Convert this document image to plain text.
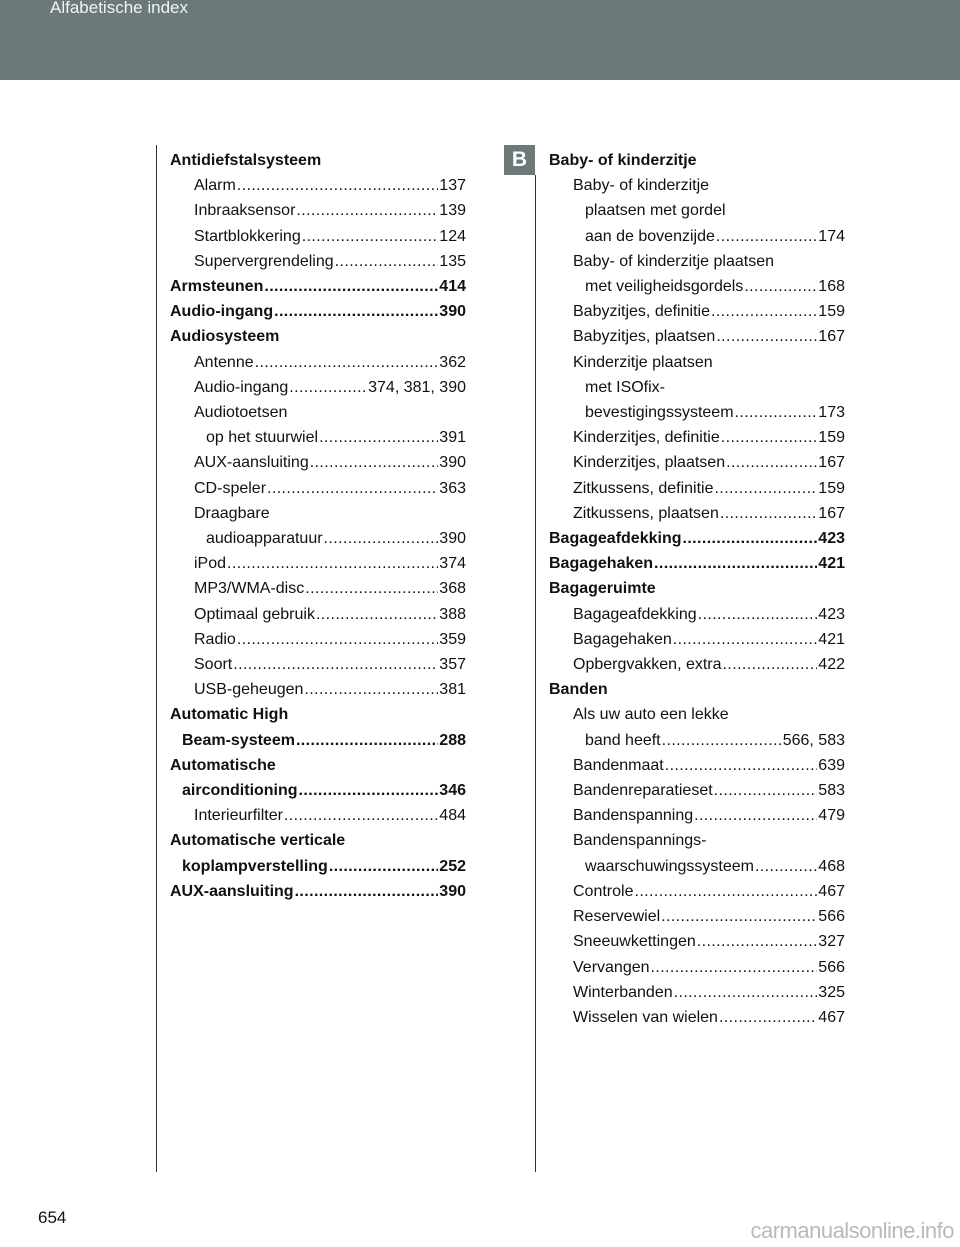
Alfabetische index
B
Antidiefstalsysteem
Alarm .....	137
Inbraaksensor .....	139
Startblokkering .....	124
Supervergrendeling .....	135
Armsteunen .....	414
Audio-ingang .....	390
Audiosysteem
Antenne .....	362
Audio-ingang .....	374, 381, 390
Audiotoetsen
op het stuurwiel .....	391
AUX-aansluiting .....	390
CD-speler .....	363
Draagbare
audioapparatuur .....	390
iPod .....	374
MP3/WMA-disc .....	368
Optimaal gebruik .....	388
Radio .....	359
Soort .....	357
USB-geheugen .....	381
Automatic High
Beam-systeem .....	288
Automatische
airconditioning .....	346
Interieurfilter .....	484
Automatische verticale
koplampverstelling .....	252
AUX-aansluiting .....	390
Baby- of kinderzitje
Baby- of kinderzitje
plaatsen met gordel
aan de bovenzijde .....	174
Baby- of kinderzitje plaatsen
met veiligheidsgordels .....	168
Babyzitjes, definitie .....	159
Babyzitjes, plaatsen .....	167
Kinderzitje plaatsen
met ISOfix-
bevestigingssysteem .....	173
Kinderzitjes, definitie .....	159
Kinderzitjes, plaatsen .....	167
Zitkussens, definitie .....	159
Zitkussens, plaatsen .....	167
Bagageafdekking .....	423
Bagagehaken .....	421
Bagageruimte
Bagageafdekking .....	423
Bagagehaken .....	421
Opbergvakken, extra .....	422
Banden
Als uw auto een lekke
band heeft .....	566, 583
Bandenmaat .....	639
Bandenreparatieset .....	583
Bandenspanning .....	479
Bandenspannings-
waarschuwingssysteem .....	468
Controle .....	467
Reservewiel .....	566
Sneeuwkettingen .....	327
Vervangen .....	566
Winterbanden .....	325
Wisselen van wielen .....	467
654
carmanualsonline.info
